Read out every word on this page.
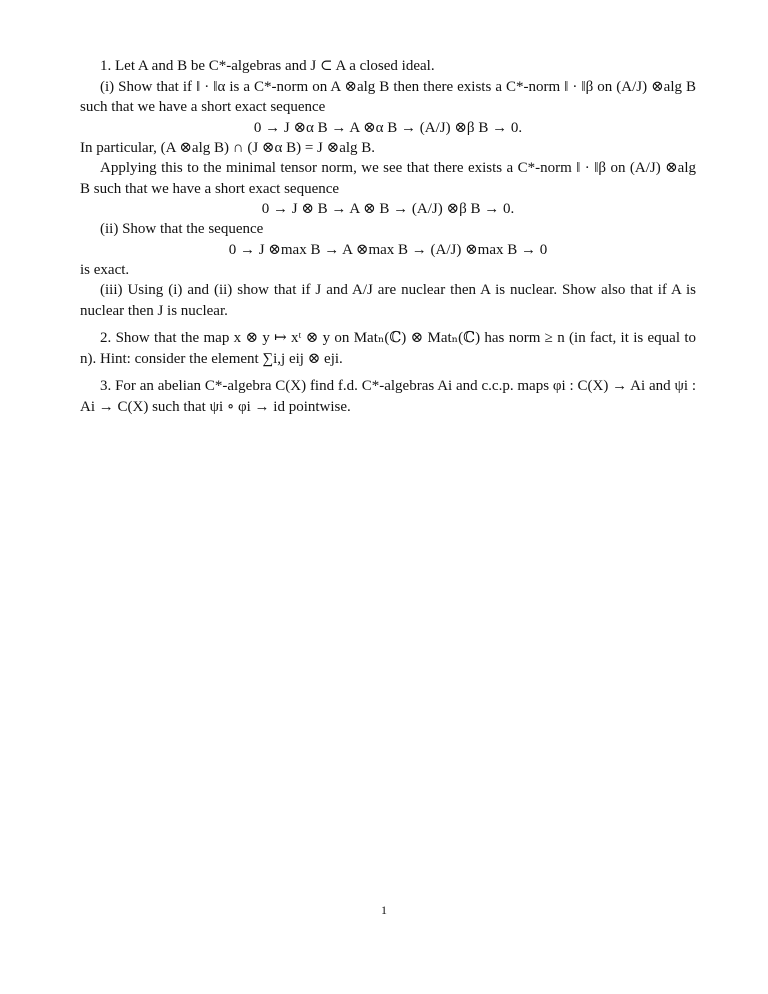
1. Let A and B be C*-algebras and J ⊂ A a closed ideal.

(i) Show that if ‖ · ‖α is a C*-norm on A ⊗alg B then there exists a C*-norm ‖ · ‖β on (A/J) ⊗alg B such that we have a short exact sequence

0 → J ⊗α B → A ⊗α B → (A/J) ⊗β B → 0.

In particular, (A ⊗alg B) ∩ (J ⊗α B) = J ⊗alg B.

Applying this to the minimal tensor norm, we see that there exists a C*-norm ‖ · ‖β on (A/J) ⊗alg B such that we have a short exact sequence

0 → J ⊗ B → A ⊗ B → (A/J) ⊗β B → 0.

(ii) Show that the sequence

0 → J ⊗max B → A ⊗max B → (A/J) ⊗max B → 0

is exact.

(iii) Using (i) and (ii) show that if J and A/J are nuclear then A is nuclear. Show also that if A is nuclear then J is nuclear.

2. Show that the map x ⊗ y ↦ xᵗ ⊗ y on Matₙ(ℂ) ⊗ Matₙ(ℂ) has norm ≥ n (in fact, it is equal to n). Hint: consider the element ∑i,j eij ⊗ eji.

3. For an abelian C*-algebra C(X) find f.d. C*-algebras Ai and c.c.p. maps φi : C(X) → Ai and ψi : Ai → C(X) such that ψi ∘ φi → id pointwise.

1
